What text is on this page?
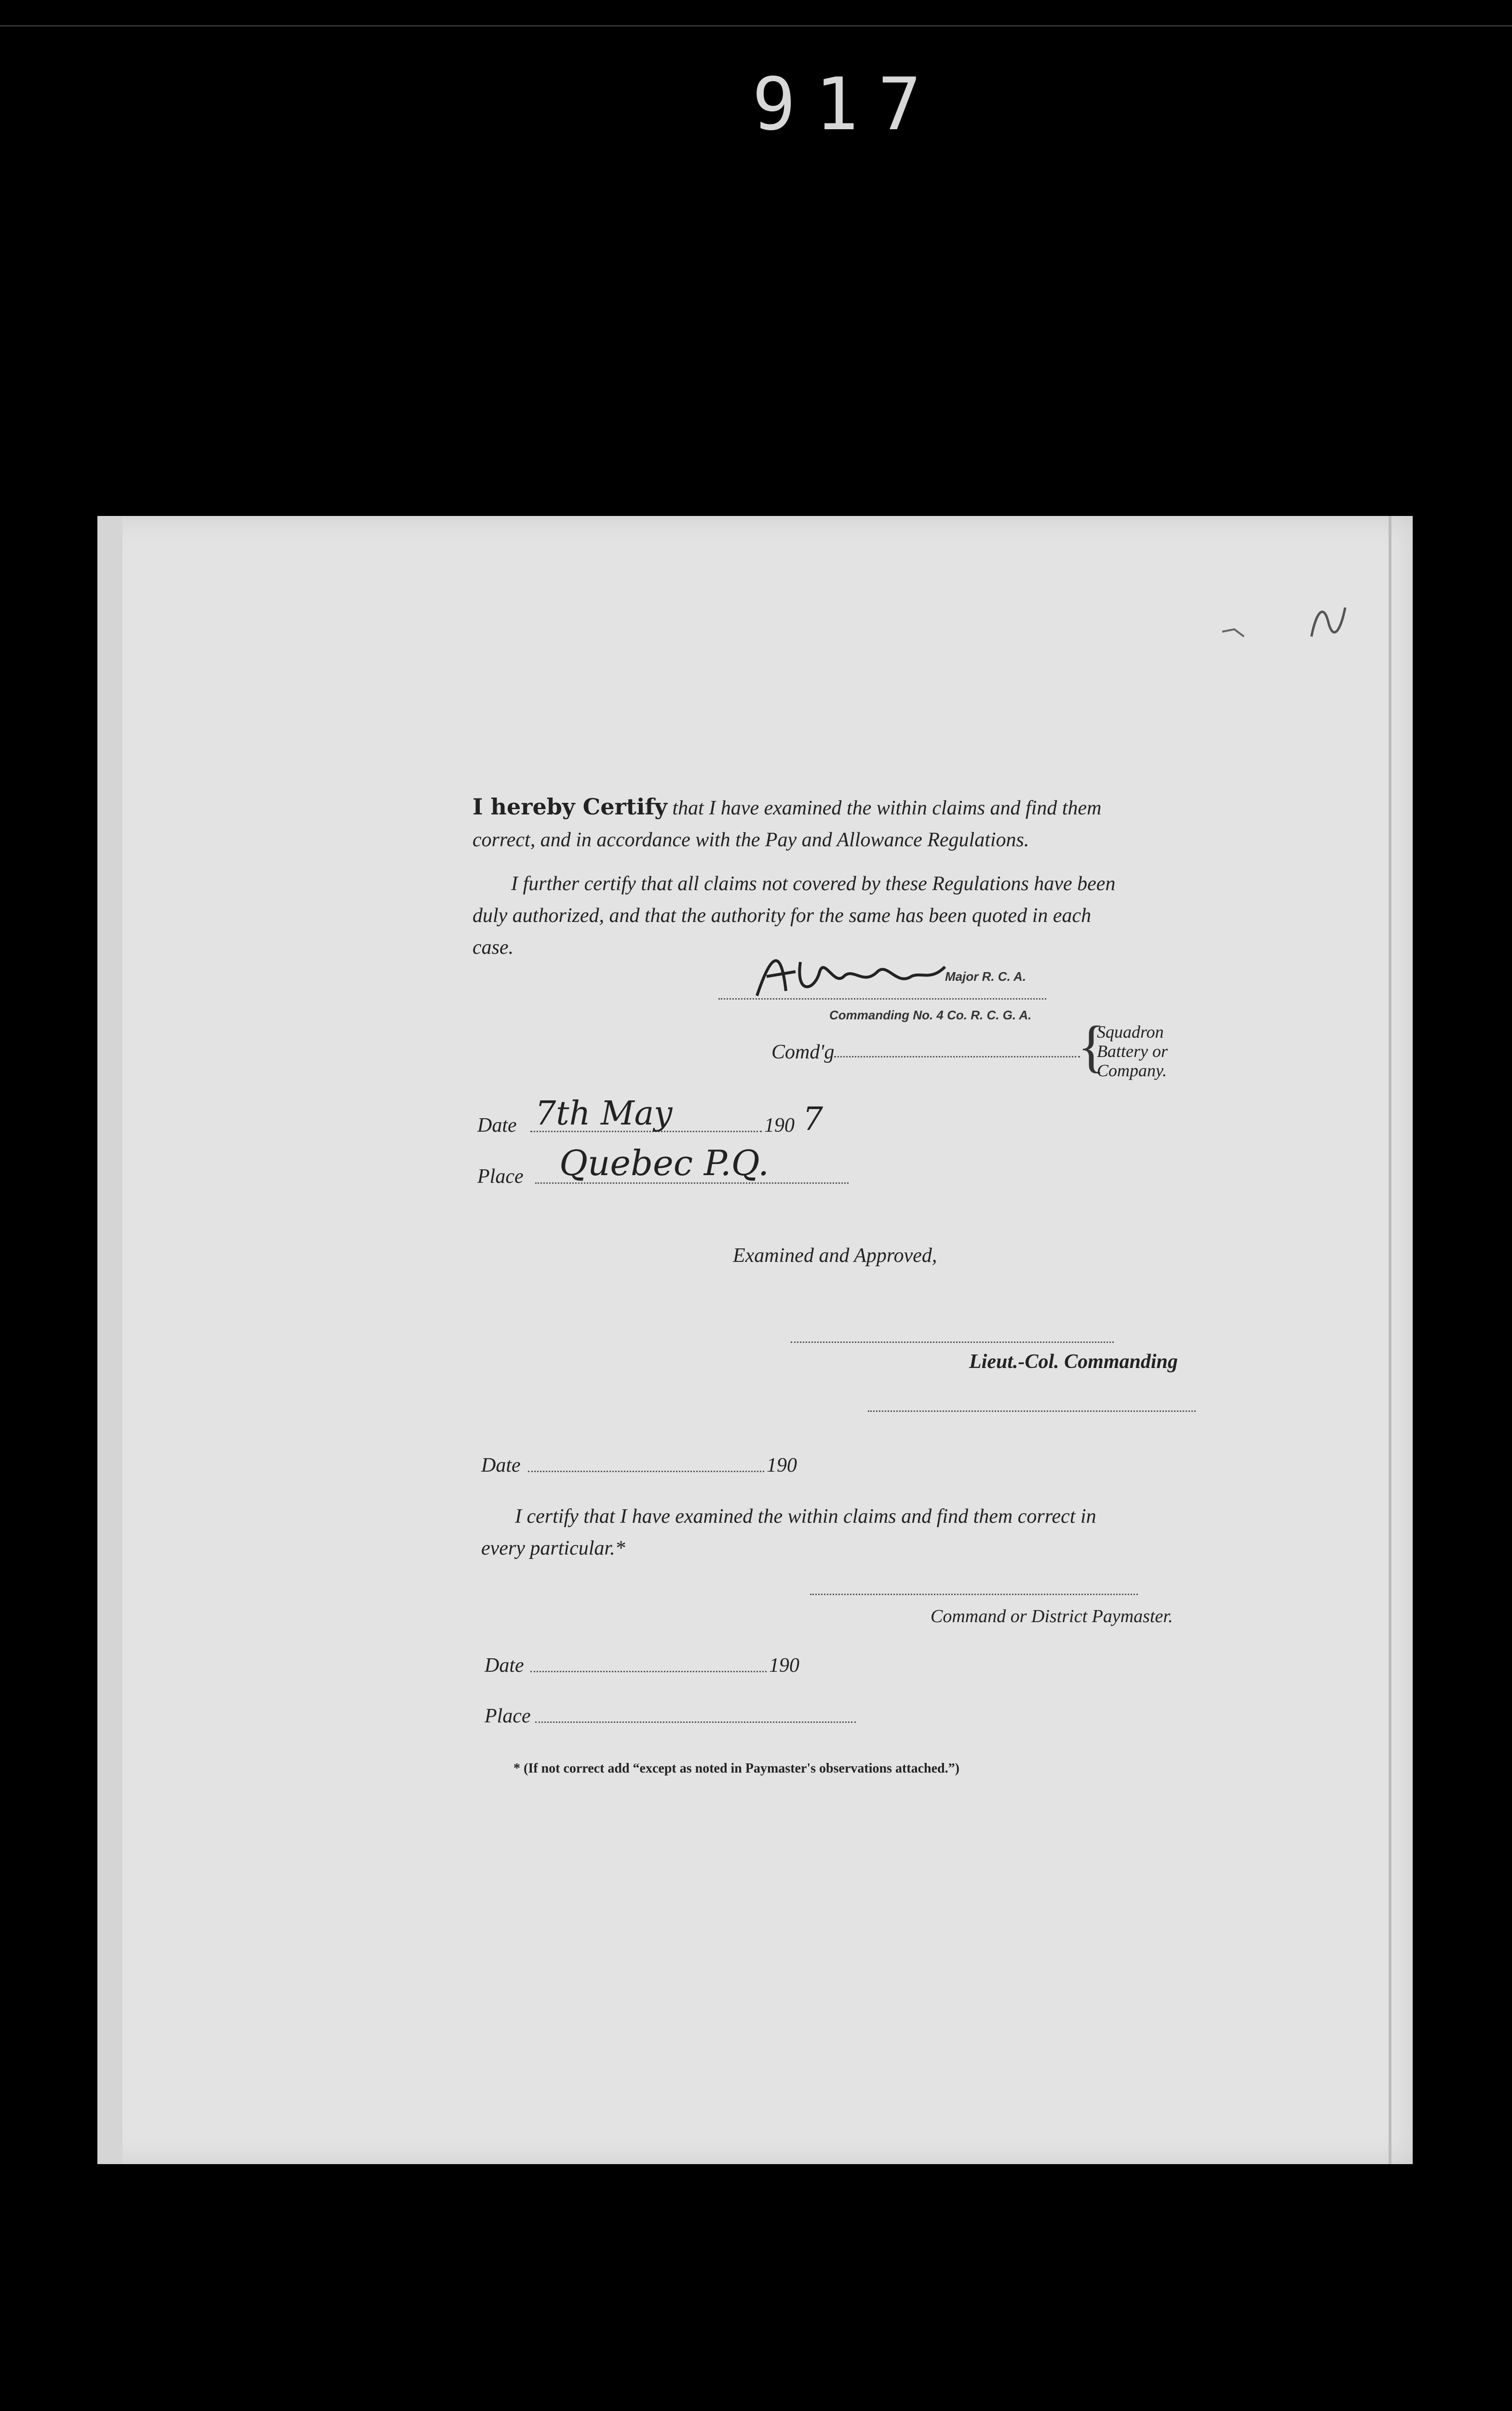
917
I hereby Certify that I have examined the within claims and find them
correct, and in accordance with the Pay and Allowance Regulations.
I further certify that all claims not covered by these Regulations have been
duly authorized, and that the authority for the same has been quoted in each
case.
Major R. C. A.
Commanding No. 4 Co. R. C. G. A.
Comd'g	{
Squadron
Battery or
Company.
Date 7th May	190 7
Place Quebec P.Q.
Examined and Approved,
Lieut.-Col. Commanding
Date	190
I certify that I have examined the within claims and find them correct in
every particular.*
Command or District Paymaster.
Date	190
Place
* (If not correct add “except as noted in Paymaster's observations attached.”)
